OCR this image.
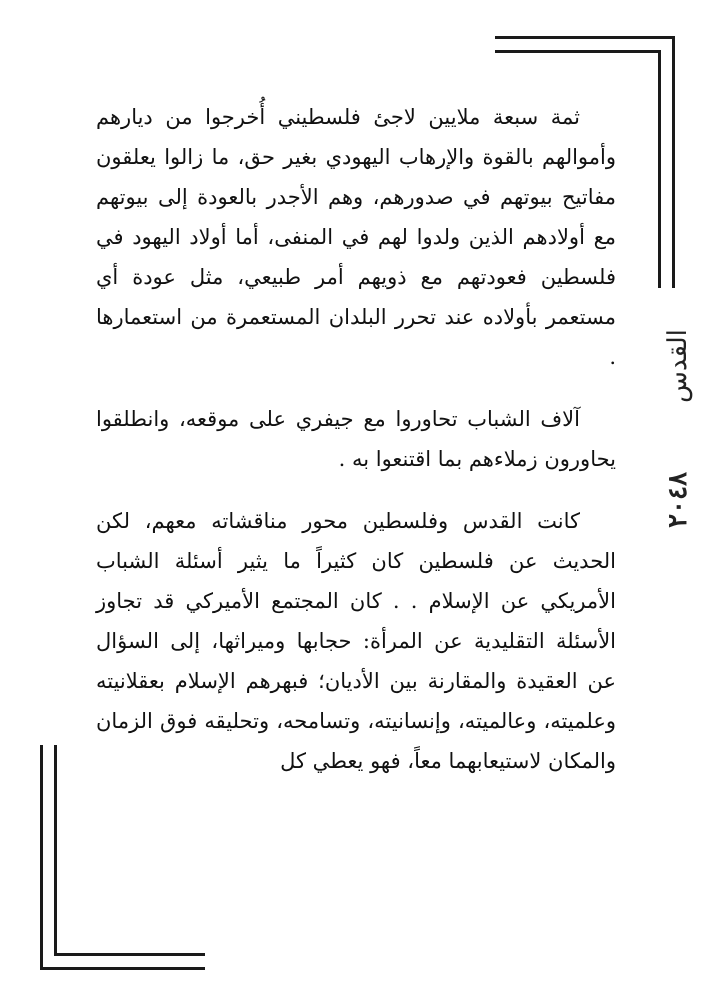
القدس
٢٠٤٨

ثمة سبعة ملايين لاجئ فلسطيني أُخرجوا من ديارهم وأموالهم بالقوة والإرهاب اليهودي بغير حق، ما زالوا يعلقون مفاتيح بيوتهم في صدورهم، وهم الأجدر بالعودة إلى بيوتهم مع أولادهم الذين ولدوا لهم في المنفى، أما أولاد اليهود في فلسطين فعودتهم مع ذويهم أمر طبيعي، مثل عودة أي مستعمر بأولاده عند تحرر البلدان المستعمرة من استعمارها .

آلاف الشباب تحاوروا مع جيفري على موقعه، وانطلقوا يحاورون زملاءهم بما اقتنعوا به .

كانت القدس وفلسطين محور مناقشاته معهم، لكن الحديث عن فلسطين كان كثيراً ما يثير أسئلة الشباب الأمريكي عن الإسلام . . كان المجتمع الأميركي قد تجاوز الأسئلة التقليدية عن المرأة: حجابها وميراثها، إلى السؤال عن العقيدة والمقارنة بين الأديان؛ فبهرهم الإسلام بعقلانيته وعلميته، وعالميته، وإنسانيته، وتسامحه، وتحليقه فوق الزمان والمكان لاستيعابهما معاً، فهو يعطي كل
